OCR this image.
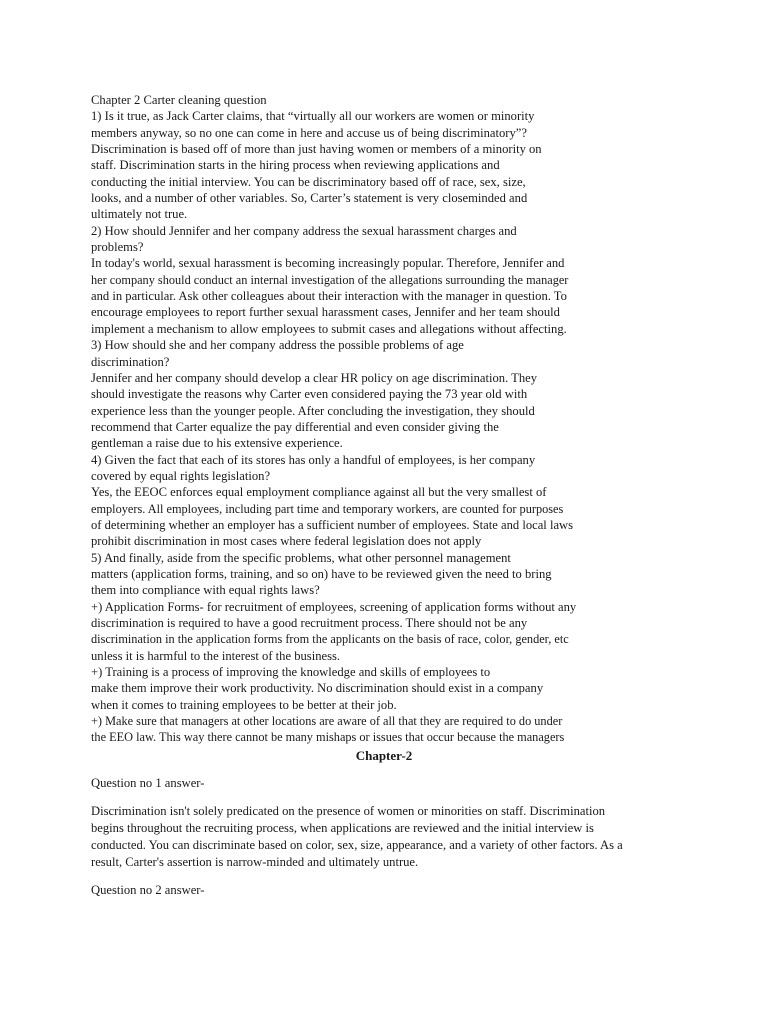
Chapter 2 Carter cleaning question
1) Is it true, as Jack Carter claims, that “virtually all our workers are women or minority
members anyway, so no one can come in here and accuse us of being discriminatory”?
Discrimination is based off of more than just having women or members of a minority on
staff. Discrimination starts in the hiring process when reviewing applications and
conducting the initial interview. You can be discriminatory based off of race, sex, size,
looks, and a number of other variables. So, Carter’s statement is very closeminded and
ultimately not true.
2) How should Jennifer and her company address the sexual harassment charges and
problems?
In today's world, sexual harassment is becoming increasingly popular. Therefore, Jennifer and
her company should conduct an internal investigation of the allegations surrounding the manager
and in particular. Ask other colleagues about their interaction with the manager in question. To
encourage employees to report further sexual harassment cases, Jennifer and her team should
implement a mechanism to allow employees to submit cases and allegations without affecting.
3) How should she and her company address the possible problems of age
discrimination?
Jennifer and her company should develop a clear HR policy on age discrimination. They
should investigate the reasons why Carter even considered paying the 73 year old with
experience less than the younger people. After concluding the investigation, they should
recommend that Carter equalize the pay differential and even consider giving the
gentleman a raise due to his extensive experience.
4) Given the fact that each of its stores has only a handful of employees, is her company
covered by equal rights legislation?
Yes, the EEOC enforces equal employment compliance against all but the very smallest of
employers. All employees, including part time and temporary workers, are counted for purposes
of determining whether an employer has a sufficient number of employees. State and local laws
prohibit discrimination in most cases where federal legislation does not apply
5) And finally, aside from the specific problems, what other personnel management
matters (application forms, training, and so on) have to be reviewed given the need to bring
them into compliance with equal rights laws?
+) Application Forms- for recruitment of employees, screening of application forms without any
discrimination is required to have a good recruitment process. There should not be any
discrimination in the application forms from the applicants on the basis of race, color, gender, etc
unless it is harmful to the interest of the business.
+) Training is a process of improving the knowledge and skills of employees to
make them improve their work productivity. No discrimination should exist in a company
when it comes to training employees to be better at their job.
+) Make sure that managers at other locations are aware of all that they are required to do under
the EEO law. This way there cannot be many mishaps or issues that occur because the managers
Chapter-2
Question no 1 answer-
Discrimination isn't solely predicated on the presence of women or minorities on staff. Discrimination
begins throughout the recruiting process, when applications are reviewed and the initial interview is
conducted. You can discriminate based on color, sex, size, appearance, and a variety of other factors. As a
result, Carter's assertion is narrow-minded and ultimately untrue.
Question no 2 answer-
